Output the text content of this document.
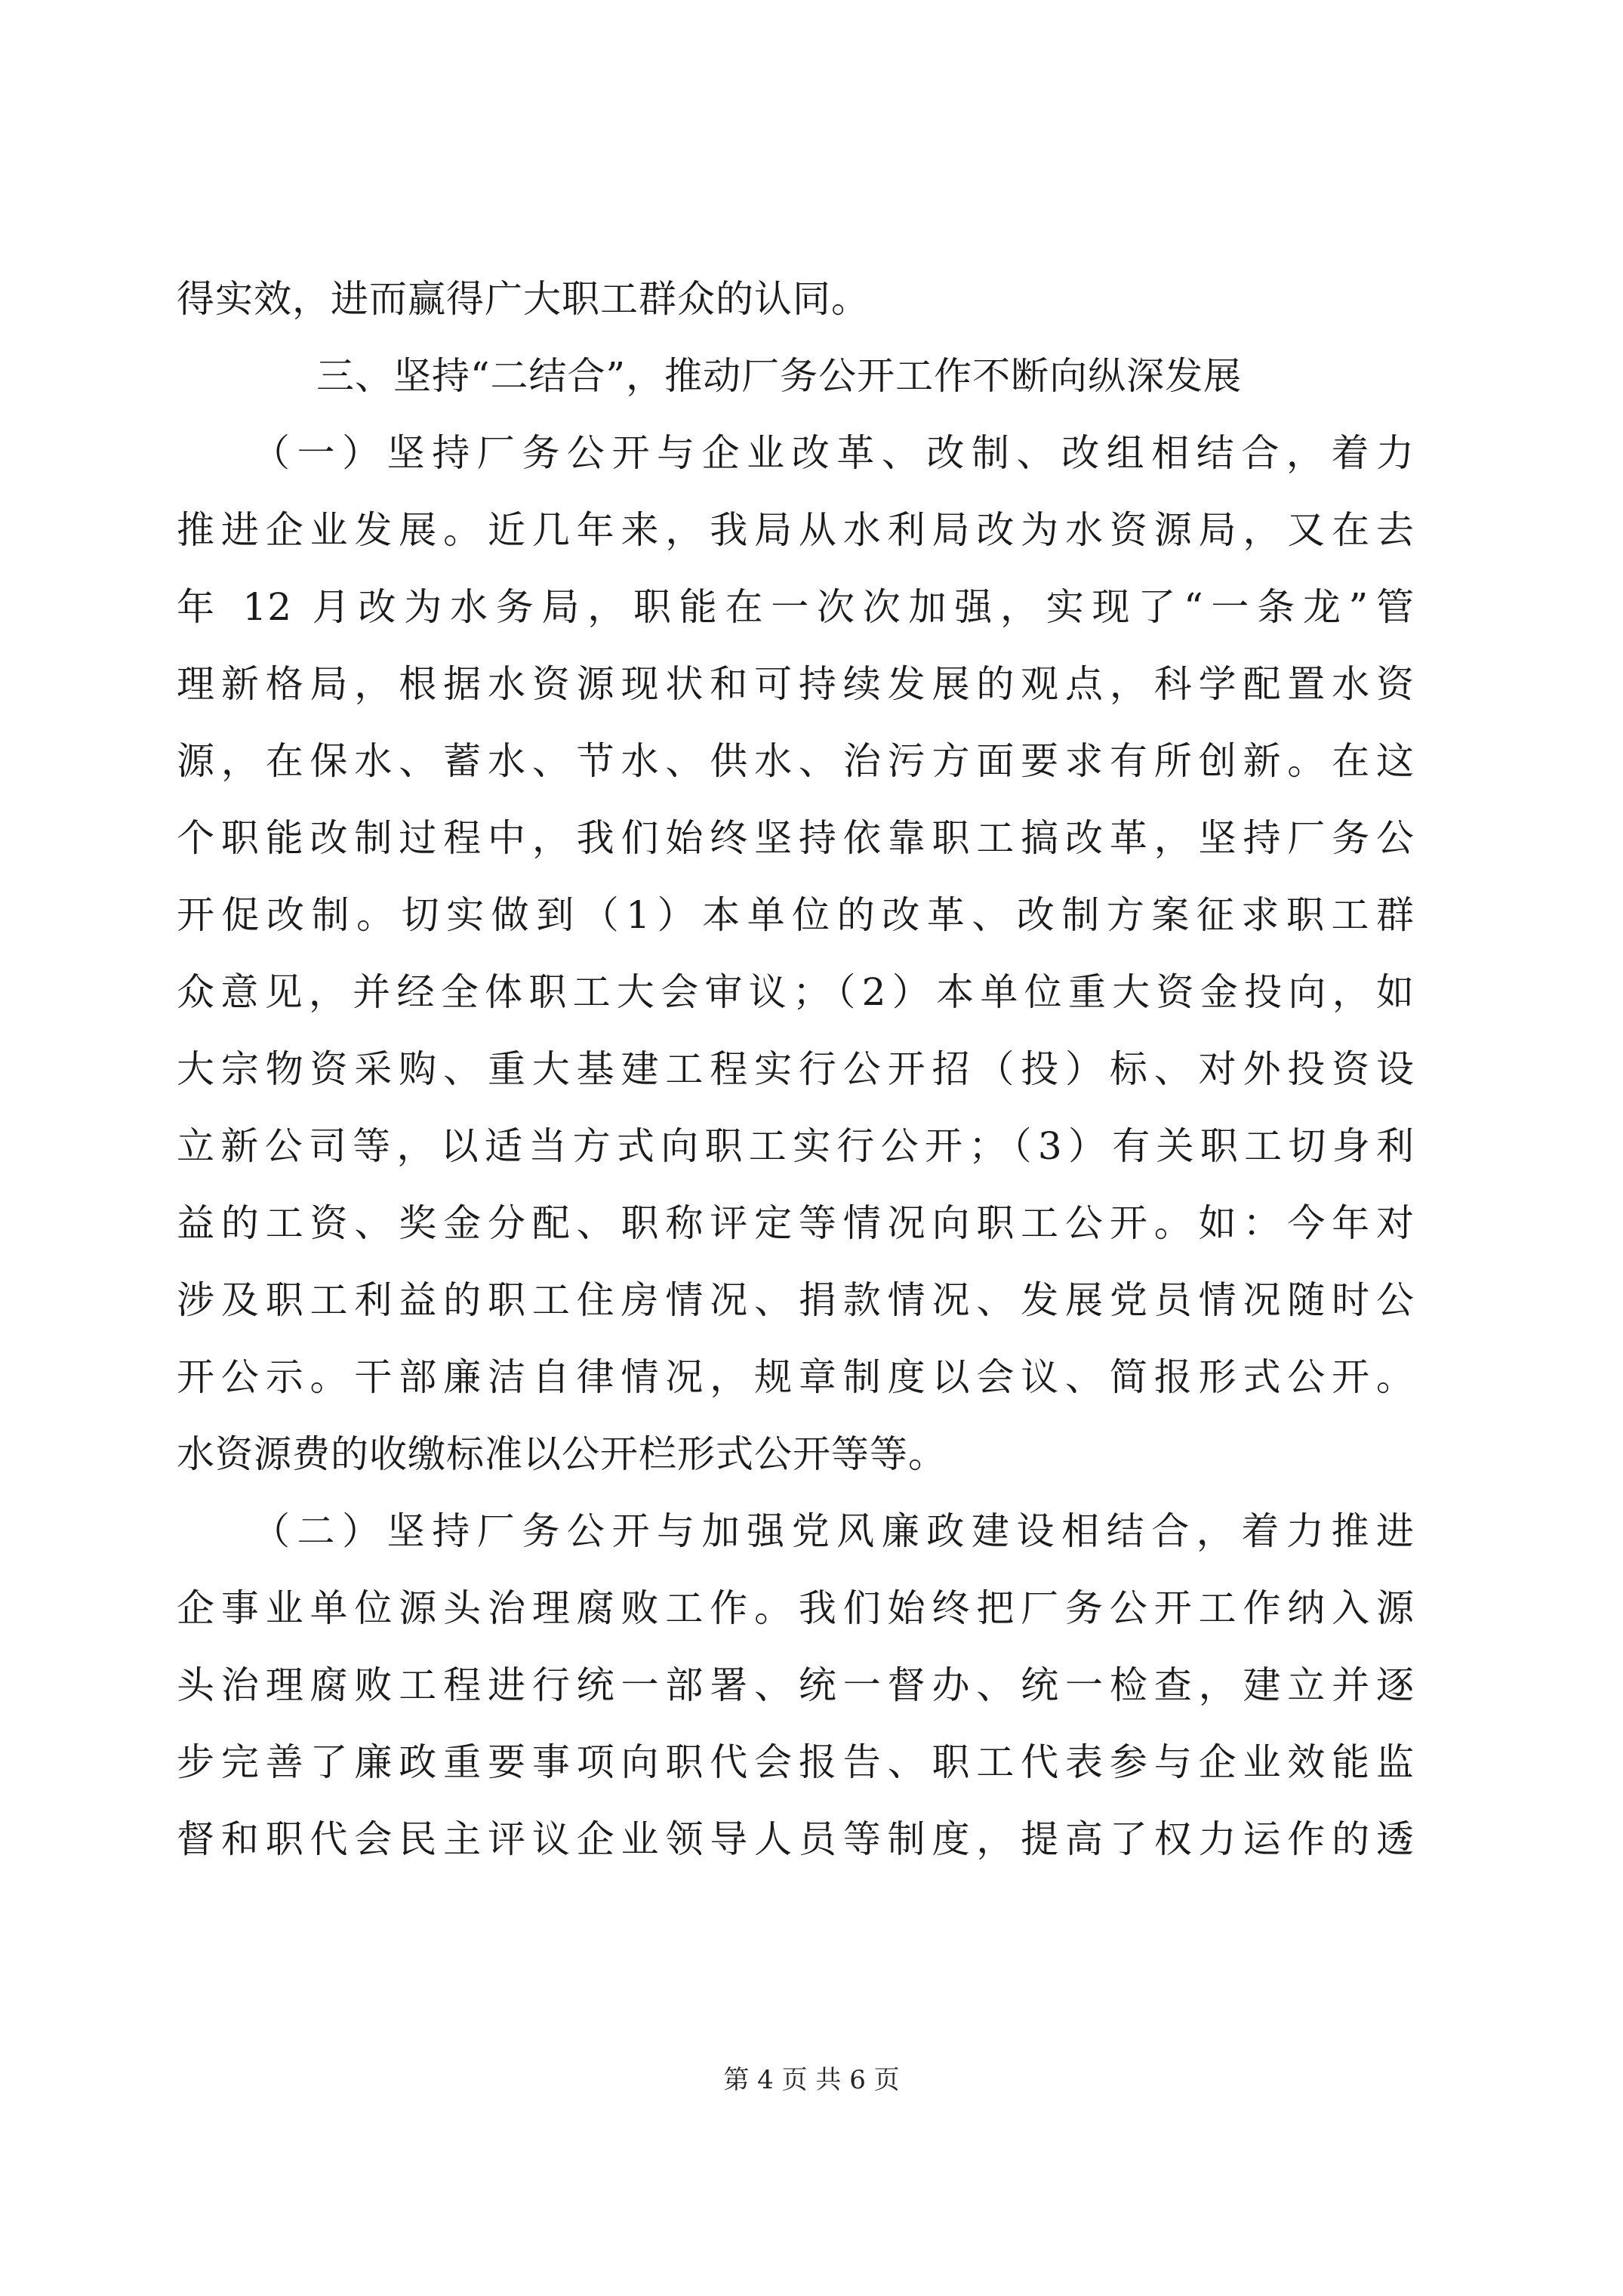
得实效，进而赢得广大职工群众的认同。
三、坚持“二结合”，推动厂务公开工作不断向纵深发展
（一）坚持厂务公开与企业改革、改制、改组相结合，着力
推进企业发展。近几年来，我局从水利局改为水资源局，又在去
年 12 月改为水务局，职能在一次次加强，实现了“一条龙”管
理新格局，根据水资源现状和可持续发展的观点，科学配置水资
源，在保水、蓄水、节水、供水、治污方面要求有所创新。在这
个职能改制过程中，我们始终坚持依靠职工搞改革，坚持厂务公
开促改制。切实做到（1）本单位的改革、改制方案征求职工群
众意见，并经全体职工大会审议；（2）本单位重大资金投向，如
大宗物资采购、重大基建工程实行公开招（投）标、对外投资设
立新公司等，以适当方式向职工实行公开；（3）有关职工切身利
益的工资、奖金分配、职称评定等情况向职工公开。如：今年对
涉及职工利益的职工住房情况、捐款情况、发展党员情况随时公
开公示。干部廉洁自律情况，规章制度以会议、简报形式公开。
水资源费的收缴标准以公开栏形式公开等等。
（二）坚持厂务公开与加强党风廉政建设相结合，着力推进
企事业单位源头治理腐败工作。我们始终把厂务公开工作纳入源
头治理腐败工程进行统一部署、统一督办、统一检查，建立并逐
步完善了廉政重要事项向职代会报告、职工代表参与企业效能监
督和职代会民主评议企业领导人员等制度，提高了权力运作的透
第 4 页 共 6 页
